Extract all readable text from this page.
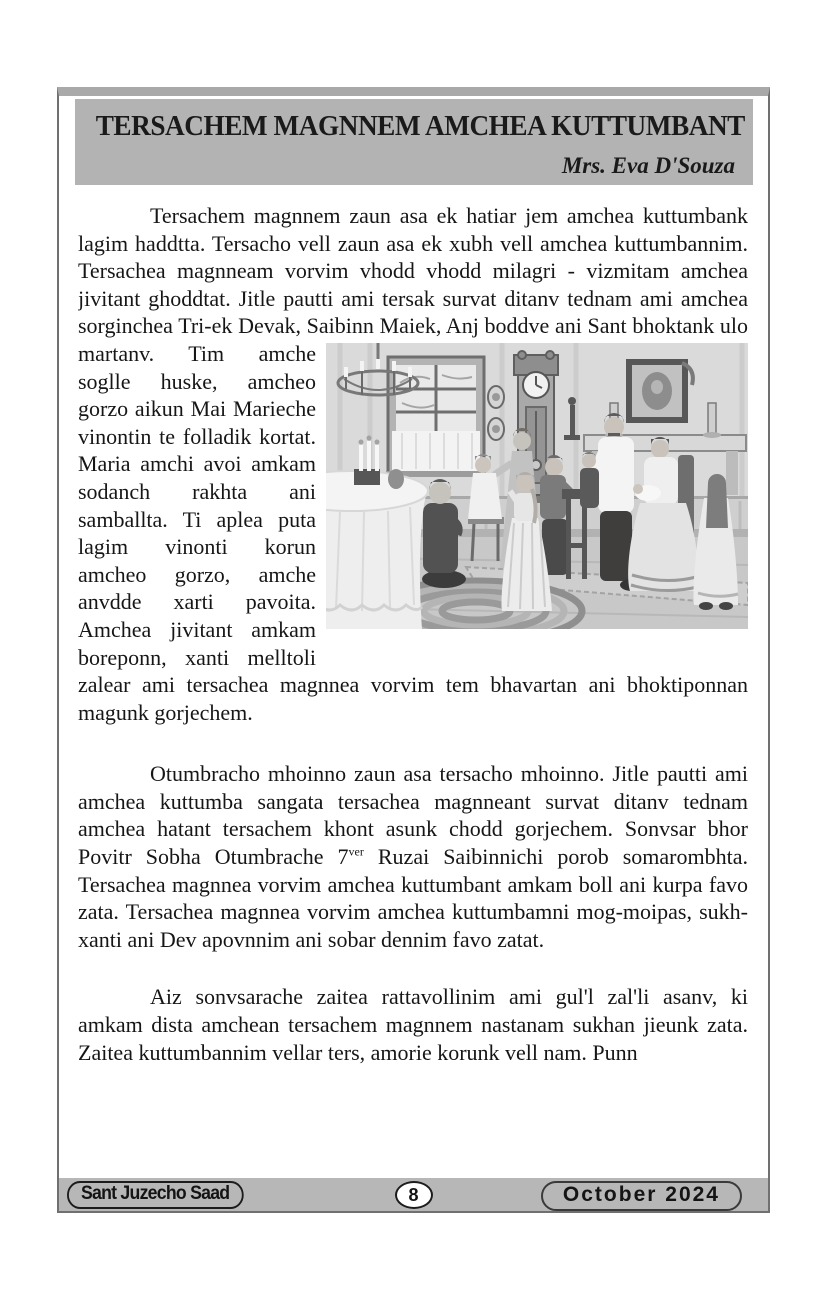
TERSACHEM MAGNNEM AMCHEA KUTTUMBANT
Mrs. Eva D'Souza

Tersachem magnnem zaun asa ek hatiar jem amchea kuttumbank lagim haddtta. Tersacho vell zaun asa ek xubh vell amchea kuttumbannim. Tersachea magnneam vorvim vhodd vhodd milagri - vizmitam amchea jivitant ghoddtat. Jitle pautti ami tersak survat ditanv tednam ami amchea sorginchea Tri-ek Devak, Saibinn Maiek, Anj boddve ani Sant bhoktank ulo martanv. Tim amche soglle huske, amcheo gorzo aikun Mai Marieche vinontin te folladik kortat. Maria amchi avoi amkam sodanch rakhta ani samballta. Ti aplea puta lagim vinonti korun amcheo gorzo, amche anvdde xarti pavoita. Amchea jivitant amkam boreponn, xanti melltoli zalear ami tersachea magnnea vorvim tem bhavartan ani bhoktiponnan magunk gorjechem.

Otumbracho mhoinno zaun asa tersacho mhoinno. Jitle pautti ami amchea kuttumba sangata tersachea magnneant survat ditanv tednam amchea hatant tersachem khont asunk chodd gorjechem. Sonvsar bhor Povitr Sobha Otumbrache $7^{ver}$ Ruzai Saibinnichi porob somarombhta. Tersachea magnnea vorvim amchea kuttumbant amkam boll ani kurpa favo zata. Tersachea magnnea vorvim amchea kuttumbamni mog-moipas, sukh-xanti ani Dev apovnnim ani sobar dennim favo zatat.

Aiz sonvsarache zaitea rattavollinim ami gul'l zal'li asanv, ki amkam dista amchean tersachem magnnem nastanam sukhan jieunk zata. Zaitea kuttumbannim vellar ters, amorie korunk vell nam. Punn

Sant Juzecho Saad	8	October 2024
